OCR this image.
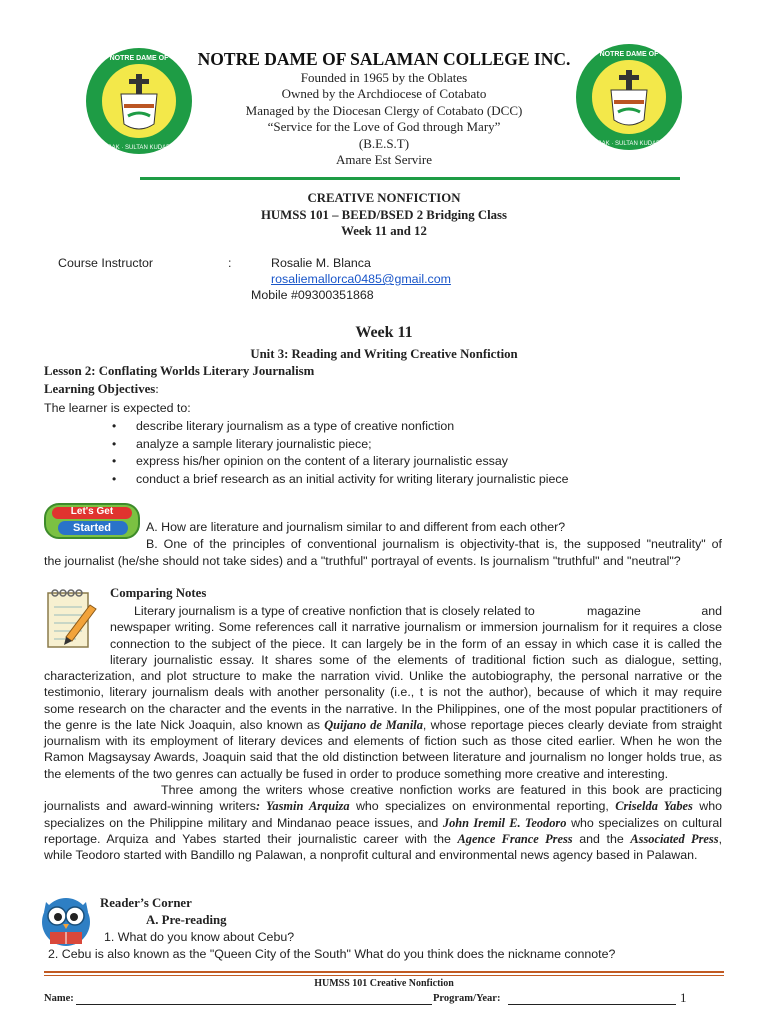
NOTRE DAME OF
LEBAK · SULTAN KUDARAT
NOTRE DAME OF
LEBAK · SULTAN KUDARAT
NOTRE DAME OF SALAMAN COLLEGE INC.
Founded in 1965 by the Oblates
Owned by the Archdiocese of Cotabato
Managed by the Diocesan Clergy of Cotabato (DCC)
“Service for the Love of God through Mary”
(B.E.S.T)
Amare Est Servire
CREATIVE NONFICTION
HUMSS 101 – BEED/BSED 2 Bridging Class
Week 11 and 12
Course Instructor	:	Rosalie M. Blanca
rosaliemallorca0485@gmail.com
Mobile #09300351868
Week 11
Unit 3: Reading and Writing Creative Nonfiction
Lesson 2: Conflating Worlds Literary Journalism
Learning Objectives:
The learner is expected to:
• describe literary journalism as a type of creative nonfiction
• analyze a sample literary journalistic piece;
• express his/her opinion on the content of a literary journalistic essay
• conduct a brief research as an initial activity for writing literary journalistic piece
Let's Get
Started	A. How are literature and journalism similar to and different from each other?
B. One of the principles of conventional journalism is objectivity-that is, the supposed "neutrality" of
the journalist (he/she should not take sides) and a "truthful" portrayal of events. Is journalism "truthful" and "neutral"?
Comparing Notes
Literary journalism is a type of creative nonfiction that is closely related to	magazine	and
newspaper writing. Some references call it narrative journalism or immersion journalism for it requires a close
connection to the subject of the piece. It can largely be in the form of an essay in which case it is called the
literary journalistic essay. It shares some of the elements of traditional fiction such as dialogue, setting,
characterization, and plot structure to make the narration vivid. Unlike the autobiography, the personal narrative or the
testimonio, literary journalism deals with another personality (i.e., t is not the author), because of which it may require
some research on the character and the events in the narrative. In the Philippines, one of the most popular practitioners of
the genre is the late Nick Joaquin, also known as Quijano de Manila, whose reportage pieces clearly deviate from straight
journalism with its employment of literary devices and elements of fiction such as those cited earlier. When he won the
Ramon Magsaysay Awards, Joaquin said that the old distinction between literature and journalism no longer holds true, as
the elements of the two genres can actually be fused in order to produce something more creative and interesting.
Three among the writers whose creative nonfiction works are featured in this book are practicing
journalists and award-winning writers: Yasmin Arquiza who specializes on environmental reporting, Criselda Yabes who
specializes on the Philippine military and Mindanao peace issues, and John Iremil E. Teodoro who specializes on cultural
reportage. Arquiza and Yabes started their journalistic career with the Agence France Press and the Associated Press,
while Teodoro started with Bandillo ng Palawan, a nonprofit cultural and environmental news agency based in Palawan.
Reader’s Corner
A. Pre-reading
1. What do you know about Cebu?
2. Cebu is also known as the "Queen City of the South" What do you think does the nickname connote?
HUMSS 101 Creative Nonfiction
Name:	Program/Year:	1
